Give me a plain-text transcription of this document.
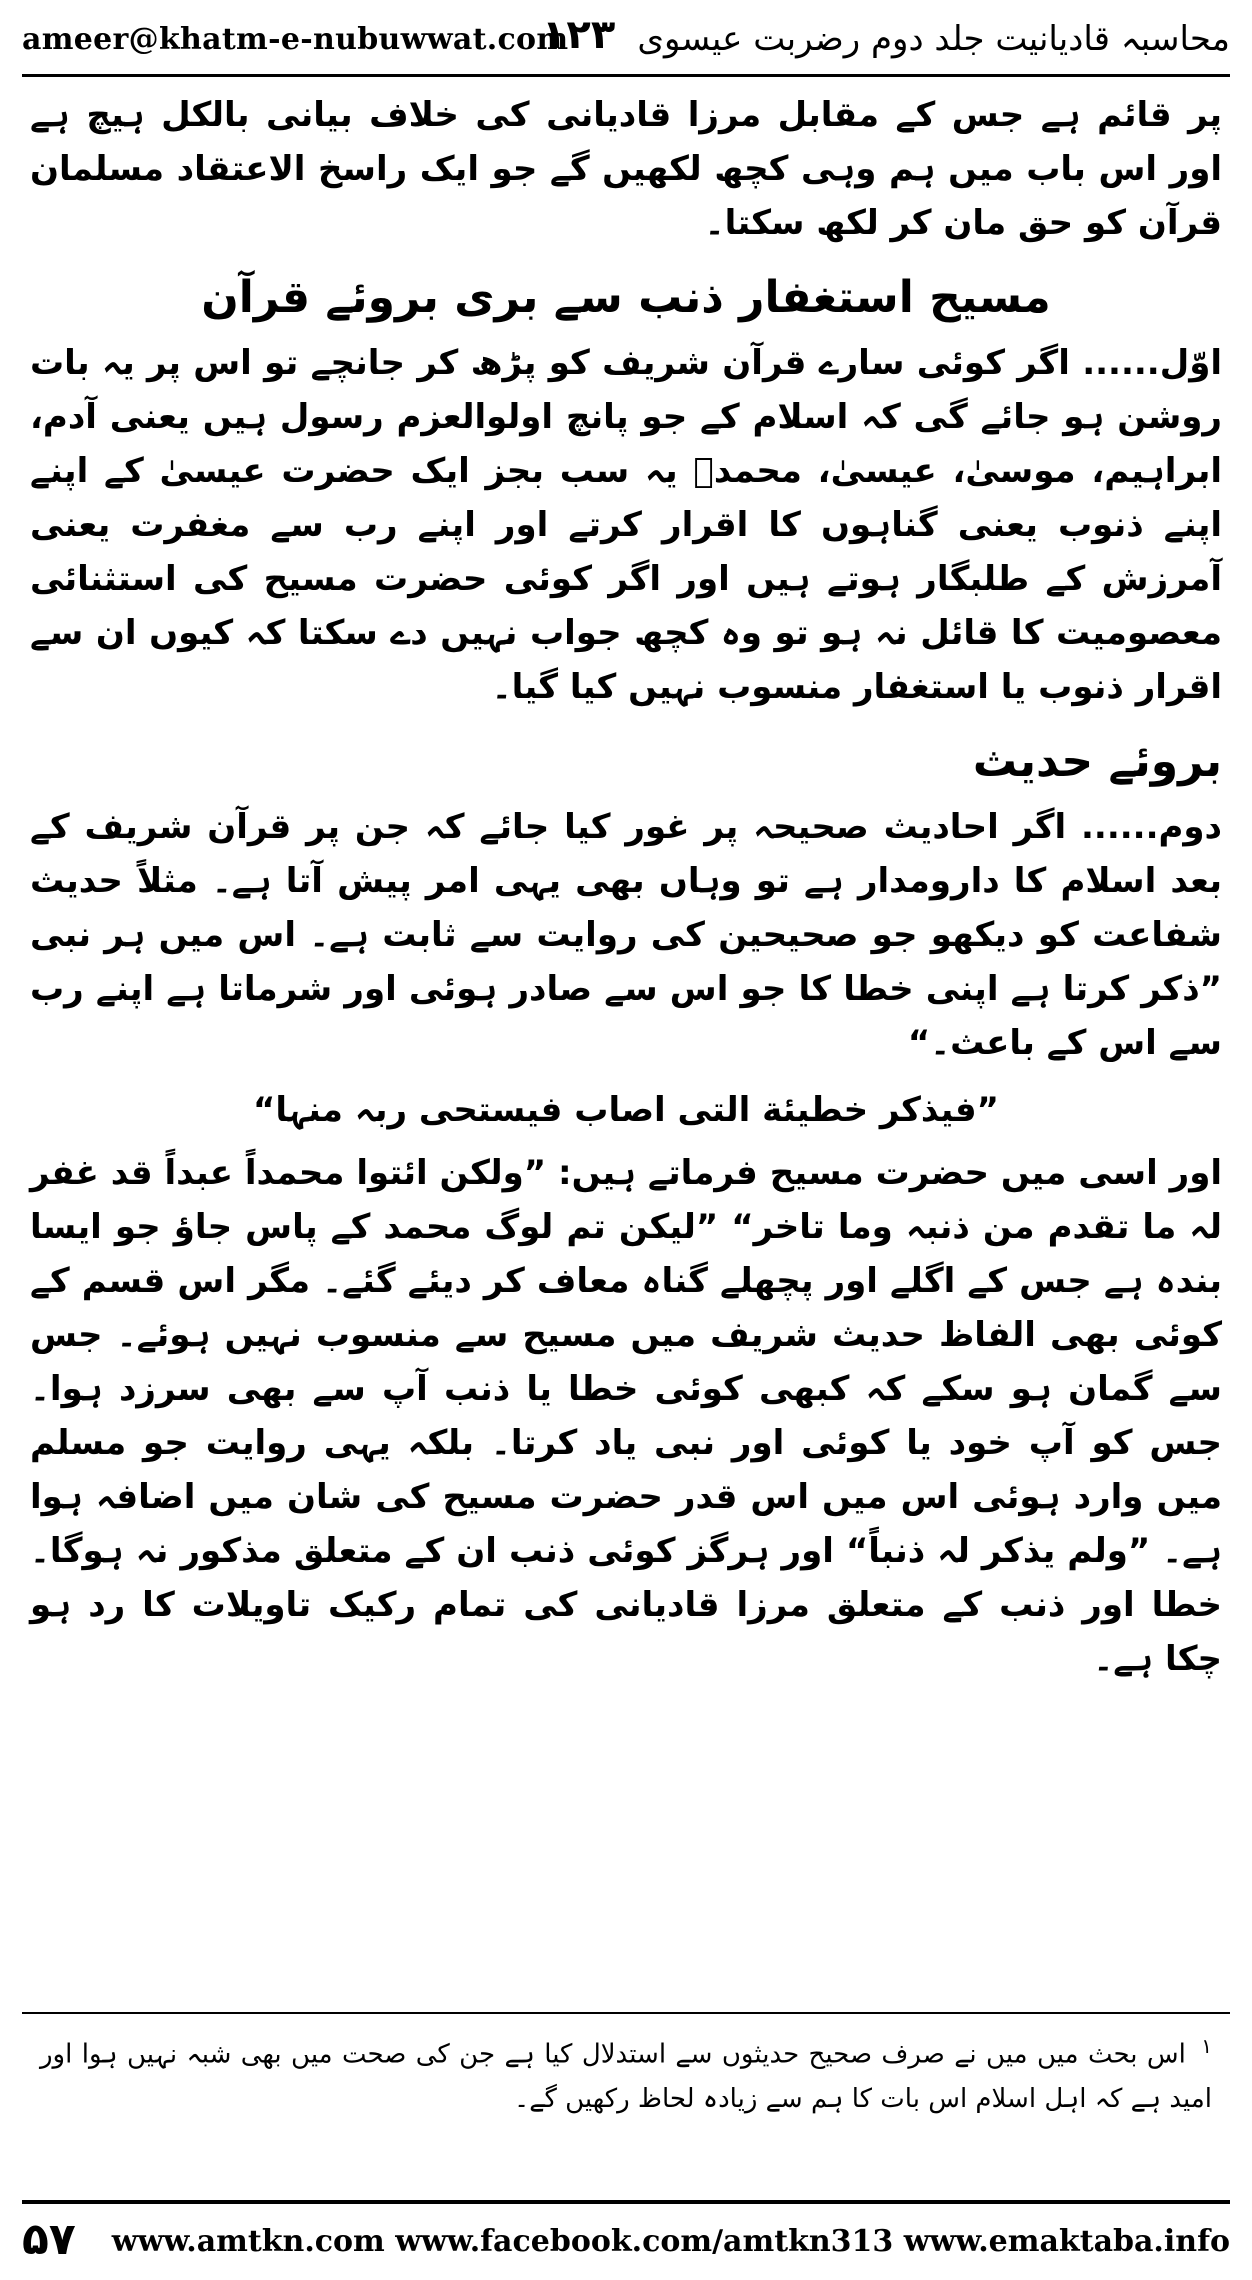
ameer@khatm-e-nubuwwat.com
۱۲۳ محاسبہ قادیانیت جلد دوم رضربت عیسوی

پر قائم ہے جس کے مقابل مرزا قادیانی کی خلاف بیانی بالکل ہیچ ہے اور اس باب میں ہم وہی کچھ لکھیں گے جو ایک راسخ الاعتقاد مسلمان قرآن کو حق مان کر لکھ سکتا۔

مسیح استغفار ذنب سے بری بروئے قرآن

اوّل...... اگر کوئی سارے قرآن شریف کو پڑھ کر جانچے تو اس پر یہ بات روشن ہو جائے گی کہ اسلام کے جو پانچ اولوالعزم رسول ہیں یعنی آدم، ابراہیم، موسیٰ، عیسیٰ، محمدؐ یہ سب بجز ایک حضرت عیسیٰ کے اپنے اپنے ذنوب یعنی گناہوں کا اقرار کرتے اور اپنے رب سے مغفرت یعنی آمرزش کے طلبگار ہوتے ہیں اور اگر کوئی حضرت مسیح کی استثنائی معصومیت کا قائل نہ ہو تو وہ کچھ جواب نہیں دے سکتا کہ کیوں ان سے اقرار ذنوب یا استغفار منسوب نہیں کیا گیا۔

بروئے حدیث

دوم...... اگر احادیث صحیحہ پر غور کیا جائے کہ جن پر قرآن شریف کے بعد اسلام کا دارومدار ہے تو وہاں بھی یہی امر پیش آتا ہے۔ مثلاً حدیث شفاعت کو دیکھو جو صحیحین کی روایت سے ثابت ہے۔ اس میں ہر نبی ”ذکر کرتا ہے اپنی خطا کا جو اس سے صادر ہوئی اور شرماتا ہے اپنے رب سے اس کے باعث۔“

”فیذکر خطیئة التی اصاب فیستحی ربہ منہا“

اور اسی میں حضرت مسیح فرماتے ہیں: ”ولکن ائتوا محمداً عبداً قد غفر لہ ما تقدم من ذنبہ وما تاخر“ ”لیکن تم لوگ محمد کے پاس جاؤ جو ایسا بندہ ہے جس کے اگلے اور پچھلے گناہ معاف کر دیئے گئے۔ مگر اس قسم کے کوئی بھی الفاظ حدیث شریف میں مسیح سے منسوب نہیں ہوئے۔ جس سے گمان ہو سکے کہ کبھی کوئی خطا یا ذنب آپ سے بھی سرزد ہوا۔ جس کو آپ خود یا کوئی اور نبی یاد کرتا۔ بلکہ یہی روایت جو مسلم میں وارد ہوئی اس میں اس قدر حضرت مسیح کی شان میں اضافہ ہوا ہے۔ ”ولم یذکر لہ ذنباً“ اور ہرگز کوئی ذنب ان کے متعلق مذکور نہ ہوگا۔ خطا اور ذنب کے متعلق مرزا قادیانی کی تمام رکیک تاویلات کا رد ہو چکا ہے۔

$^۱$ اس بحث میں میں نے صرف صحیح حدیثوں سے استدلال کیا ہے جن کی صحت میں بھی شبہ نہیں ہوا اور امید ہے کہ اہل اسلام اس بات کا ہم سے زیادہ لحاظ رکھیں گے۔
۵۷ www.amtkn.com www.facebook.com/amtkn313 www.emaktaba.info
